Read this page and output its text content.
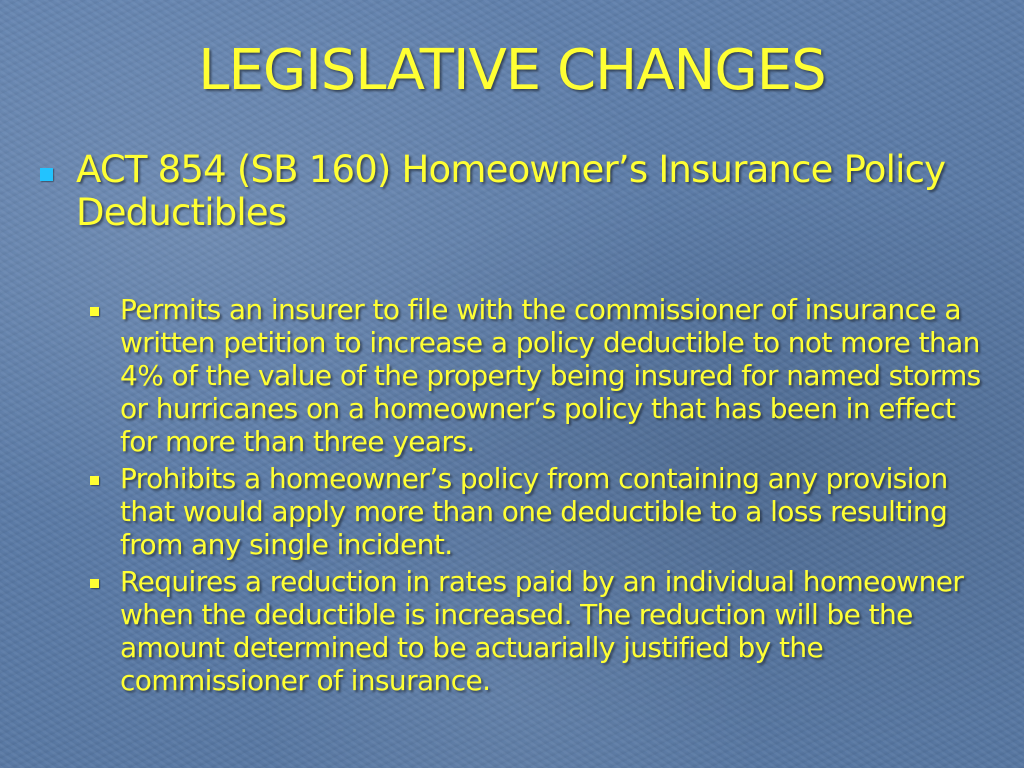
LEGISLATIVE CHANGES
ACT 854 (SB 160) Homeowner’s Insurance Policy Deductibles
Permits an insurer to file with the commissioner of insurance a written petition to increase a policy deductible to not more than 4% of the value of the property being insured for named storms or hurricanes on a homeowner’s policy that has been in effect for more than three years.
Prohibits a homeowner’s policy from containing any provision that would apply more than one deductible to a loss resulting from any single incident.
Requires a reduction in rates paid by an individual homeowner when the deductible is increased. The reduction will be the amount determined to be actuarially justified by the commissioner of insurance.
